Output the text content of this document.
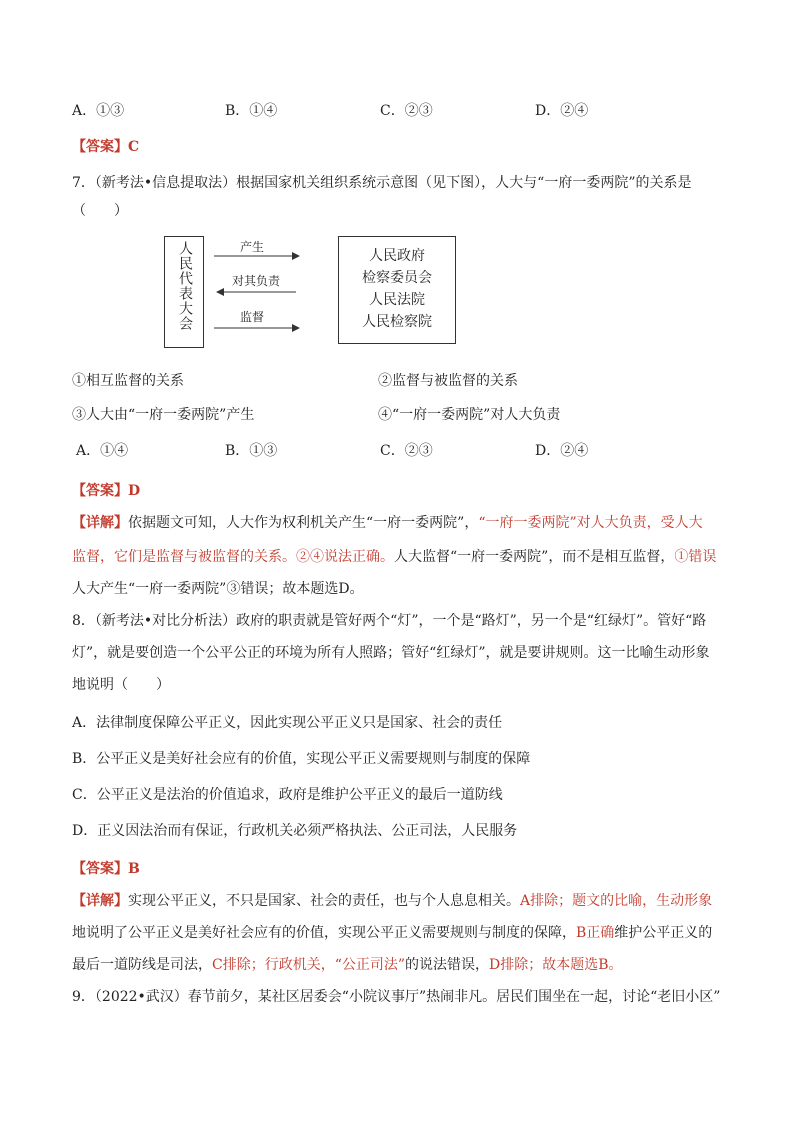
A．①③	B．①④	C．②③	D．②④
【答案】C
7．（新考法•信息提取法）根据国家机关组织系统示意图（见下图），人大与“一府一委两院”的关系是
（　　）
人民代表大会	人民政府
检察委员会
人民法院
人民检察院
产生
对其负责
监督
①相互监督的关系	②监督与被监督的关系
③人大由“一府一委两院”产生	④“一府一委两院”对人大负责
A．①④	B．①③	C．②③	D．②④
【答案】D
【详解】依据题文可知，人大作为权利机关产生“一府一委两院”，“一府一委两院”对人大负责，受人大
监督，它们是监督与被监督的关系。②④说法正确。人大监督“一府一委两院”，而不是相互监督，①错误
人大产生“一府一委两院”③错误；故本题选D。
8．（新考法•对比分析法）政府的职责就是管好两个“灯”，一个是“路灯”，另一个是“红绿灯”。管好“路
灯”，就是要创造一个公平公正的环境为所有人照路；管好“红绿灯”，就是要讲规则。这一比喻生动形象
地说明（　　）
A．法律制度保障公平正义，因此实现公平正义只是国家、社会的责任
B．公平正义是美好社会应有的价值，实现公平正义需要规则与制度的保障
C．公平正义是法治的价值追求，政府是维护公平正义的最后一道防线
D．正义因法治而有保证，行政机关必须严格执法、公正司法，人民服务
【答案】B
【详解】实现公平正义，不只是国家、社会的责任，也与个人息息相关。A排除；题文的比喻，生动形象
地说明了公平正义是美好社会应有的价值，实现公平正义需要规则与制度的保障，B正确维护公平正义的
最后一道防线是司法，C排除；行政机关，“公正司法”的说法错误，D排除；故本题选B。
9．（2022•武汉）春节前夕，某社区居委会“小院议事厅”热闹非凡。居民们围坐在一起，讨论“老旧小区”
